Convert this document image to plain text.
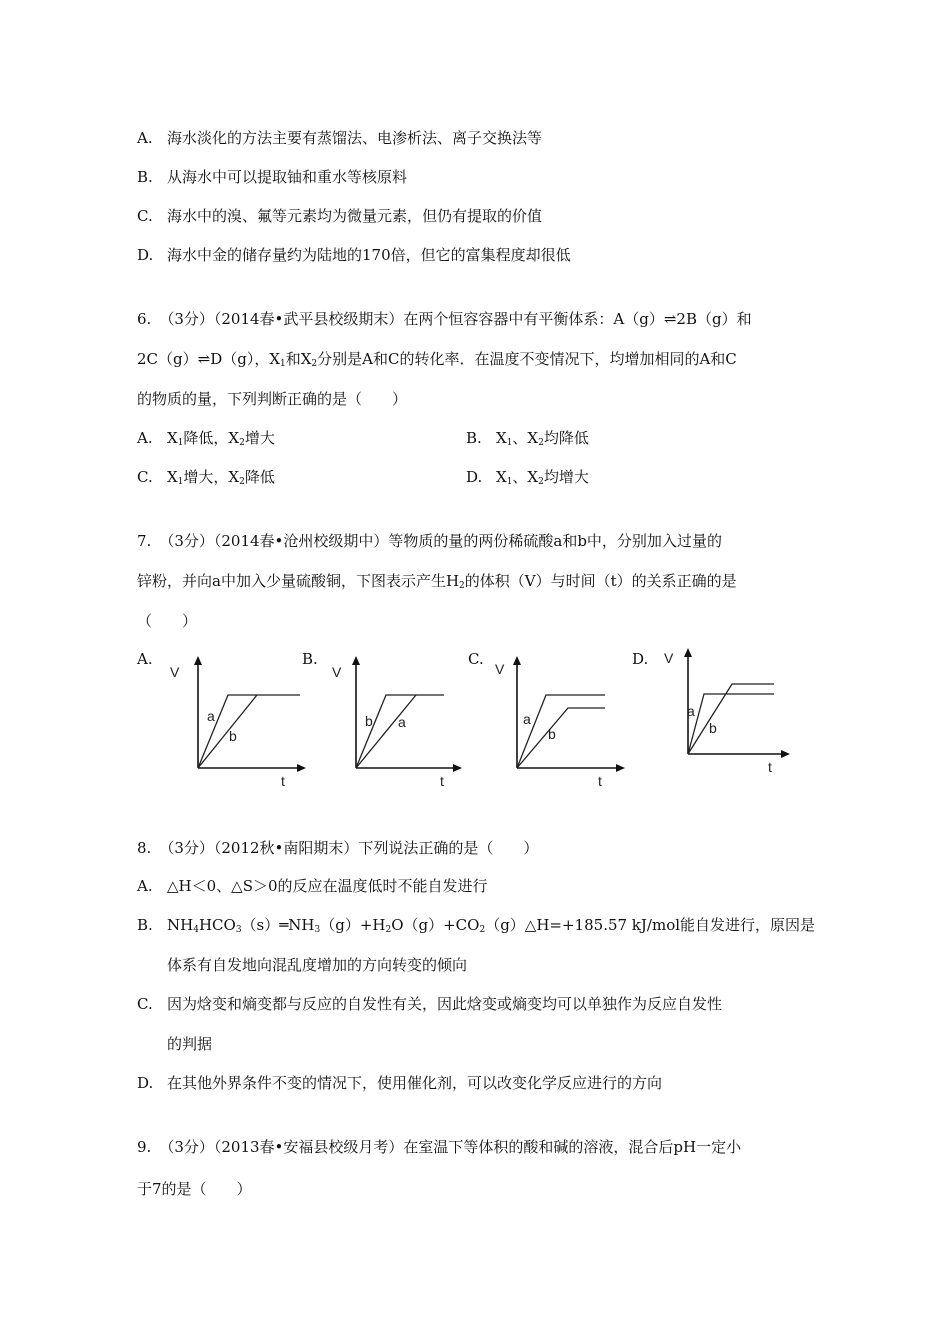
A. 海水淡化的方法主要有蒸馏法、电渗析法、离子交换法等
B. 从海水中可以提取铀和重水等核原料
C. 海水中的溴、氟等元素均为微量元素，但仍有提取的价值
D. 海水中金的储存量约为陆地的170倍，但它的富集程度却很低
6. （3分）（2014春•武平县校级期末）在两个恒容容器中有平衡体系：A（g）⇌2B（g）和
2C（g）⇌D（g），$X_1$和$X_2$分别是A和C的转化率．在温度不变情况下，均增加相同的A和C
的物质的量，下列判断正确的是（　　）
A. $X_1$降低，$X_2$增大	B. $X_1$、$X_2$均降低
C. $X_1$增大，$X_2$降低	D. $X_1$、$X_2$均增大
7. （3分）（2014春•沧州校级期中）等物质的量的两份稀硫酸a和b中，分别加入过量的
锌粉，并向a中加入少量硫酸铜，下图表示产生$H_2$的体积（V）与时间（t）的关系正确的是
（　　）
A.
V
t
a
b
B.
V
t
b a
C.
V
t
a
b
D. V
t
a
b
8. （3分）（2012秋•南阳期末）下列说法正确的是（　　）
A. △H＜0、△S＞0的反应在温度低时不能自发进行
B. $NH_4HCO_3(s)═NH_3(g)+H_2O(g)+CO_2(g)\triangle H=+185.57$ kJ/mol能自发进行，原因是
体系有自发地向混乱度增加的方向转变的倾向
C. 因为焓变和熵变都与反应的自发性有关，因此焓变或熵变均可以单独作为反应自发性
的判据
D. 在其他外界条件不变的情况下，使用催化剂，可以改变化学反应进行的方向
9. （3分）（2013春•安福县校级月考）在室温下等体积的酸和碱的溶液，混合后pH一定小
于7的是（　　）
